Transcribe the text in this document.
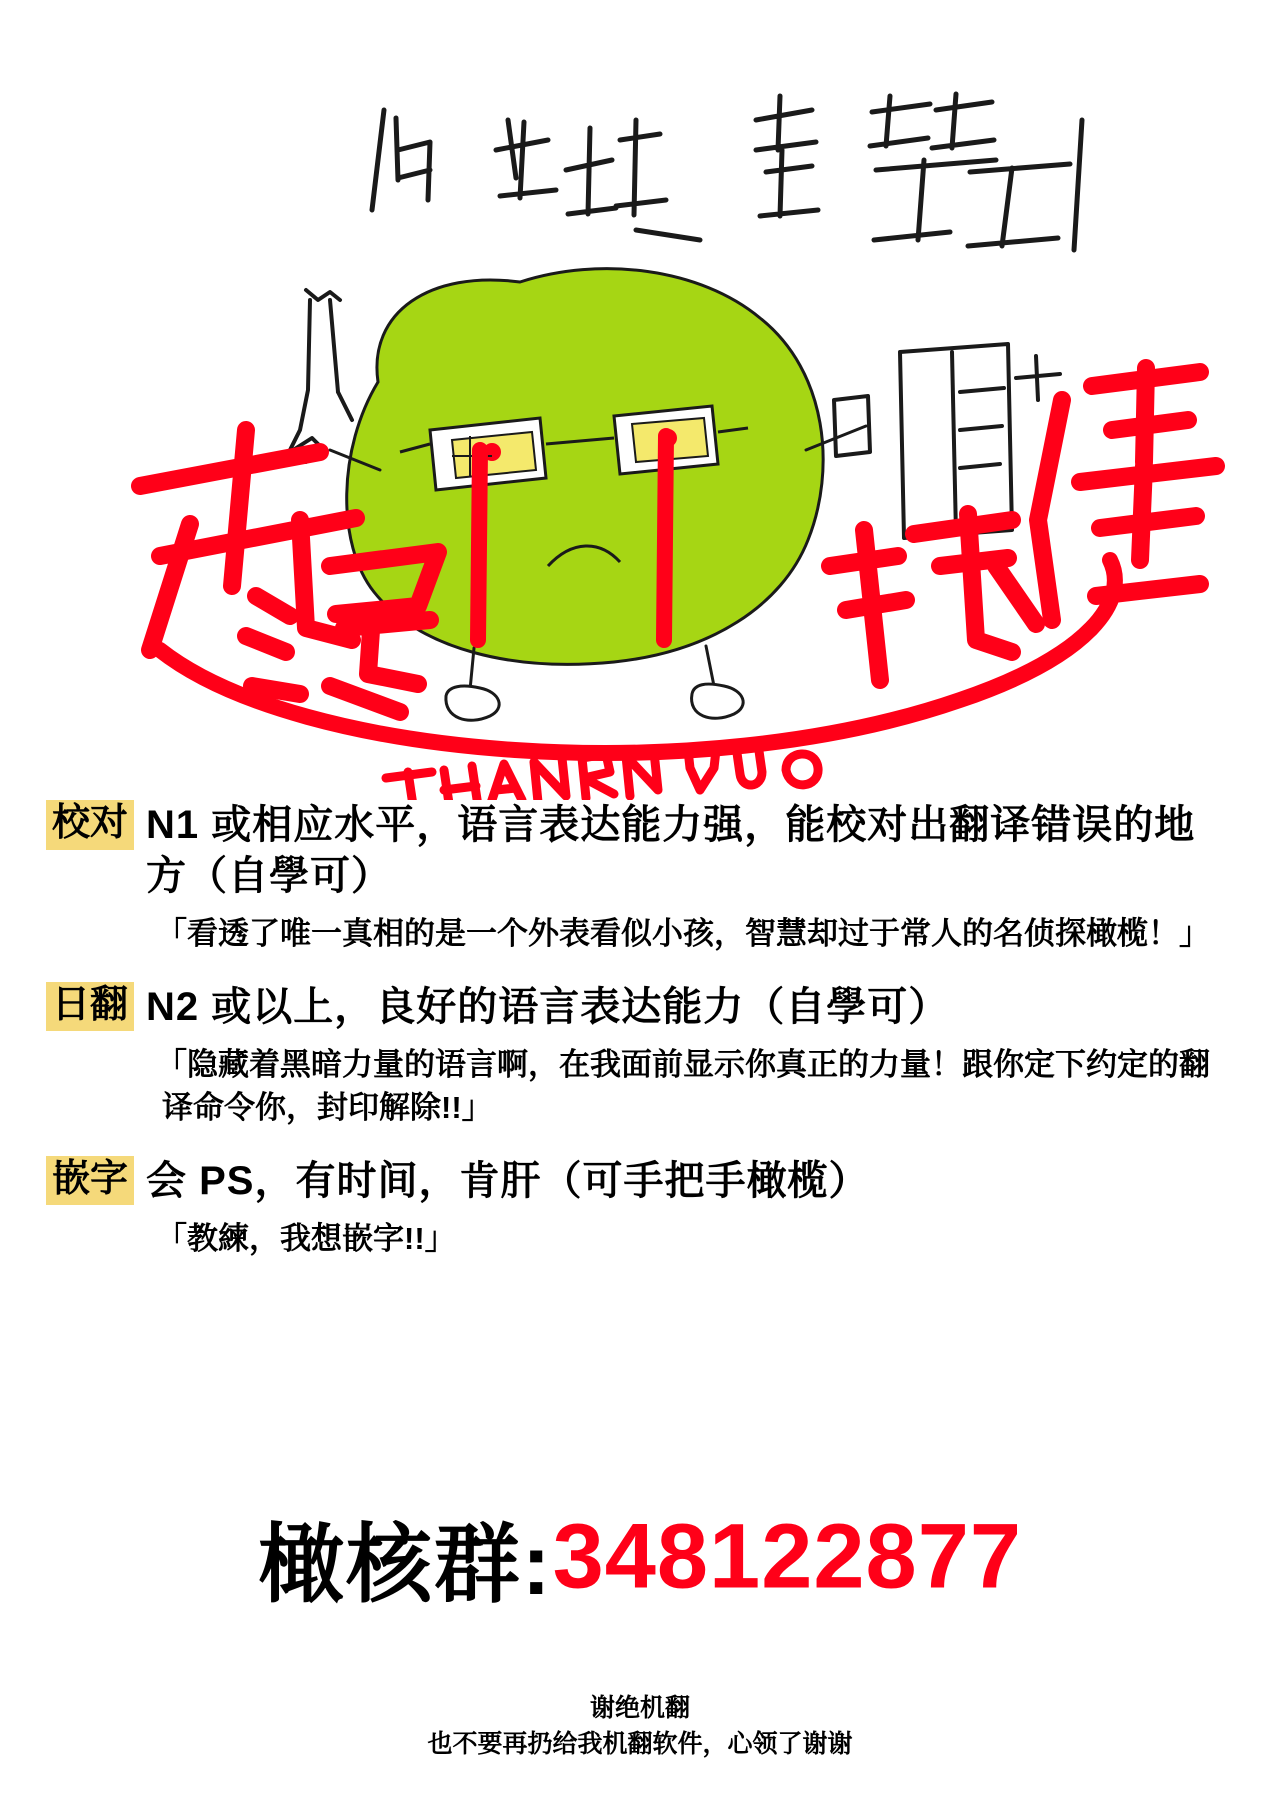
校对 N1 或相应水平，语言表达能力强，能校对出翻译错误的地方（自學可）
「看透了唯一真相的是一个外表看似小孩，智慧却过于常人的名侦探橄榄！」
日翻 N2 或以上，良好的语言表达能力（自學可）
「隐藏着黑暗力量的语言啊，在我面前显示你真正的力量！跟你定下约定的翻译命令你，封印解除!!」
嵌字 会 PS，有时间，肯肝（可手把手橄榄）
「教練，我想嵌字!!」
橄核群:348122877
谢绝机翻
也不要再扔给我机翻软件，心领了谢谢
